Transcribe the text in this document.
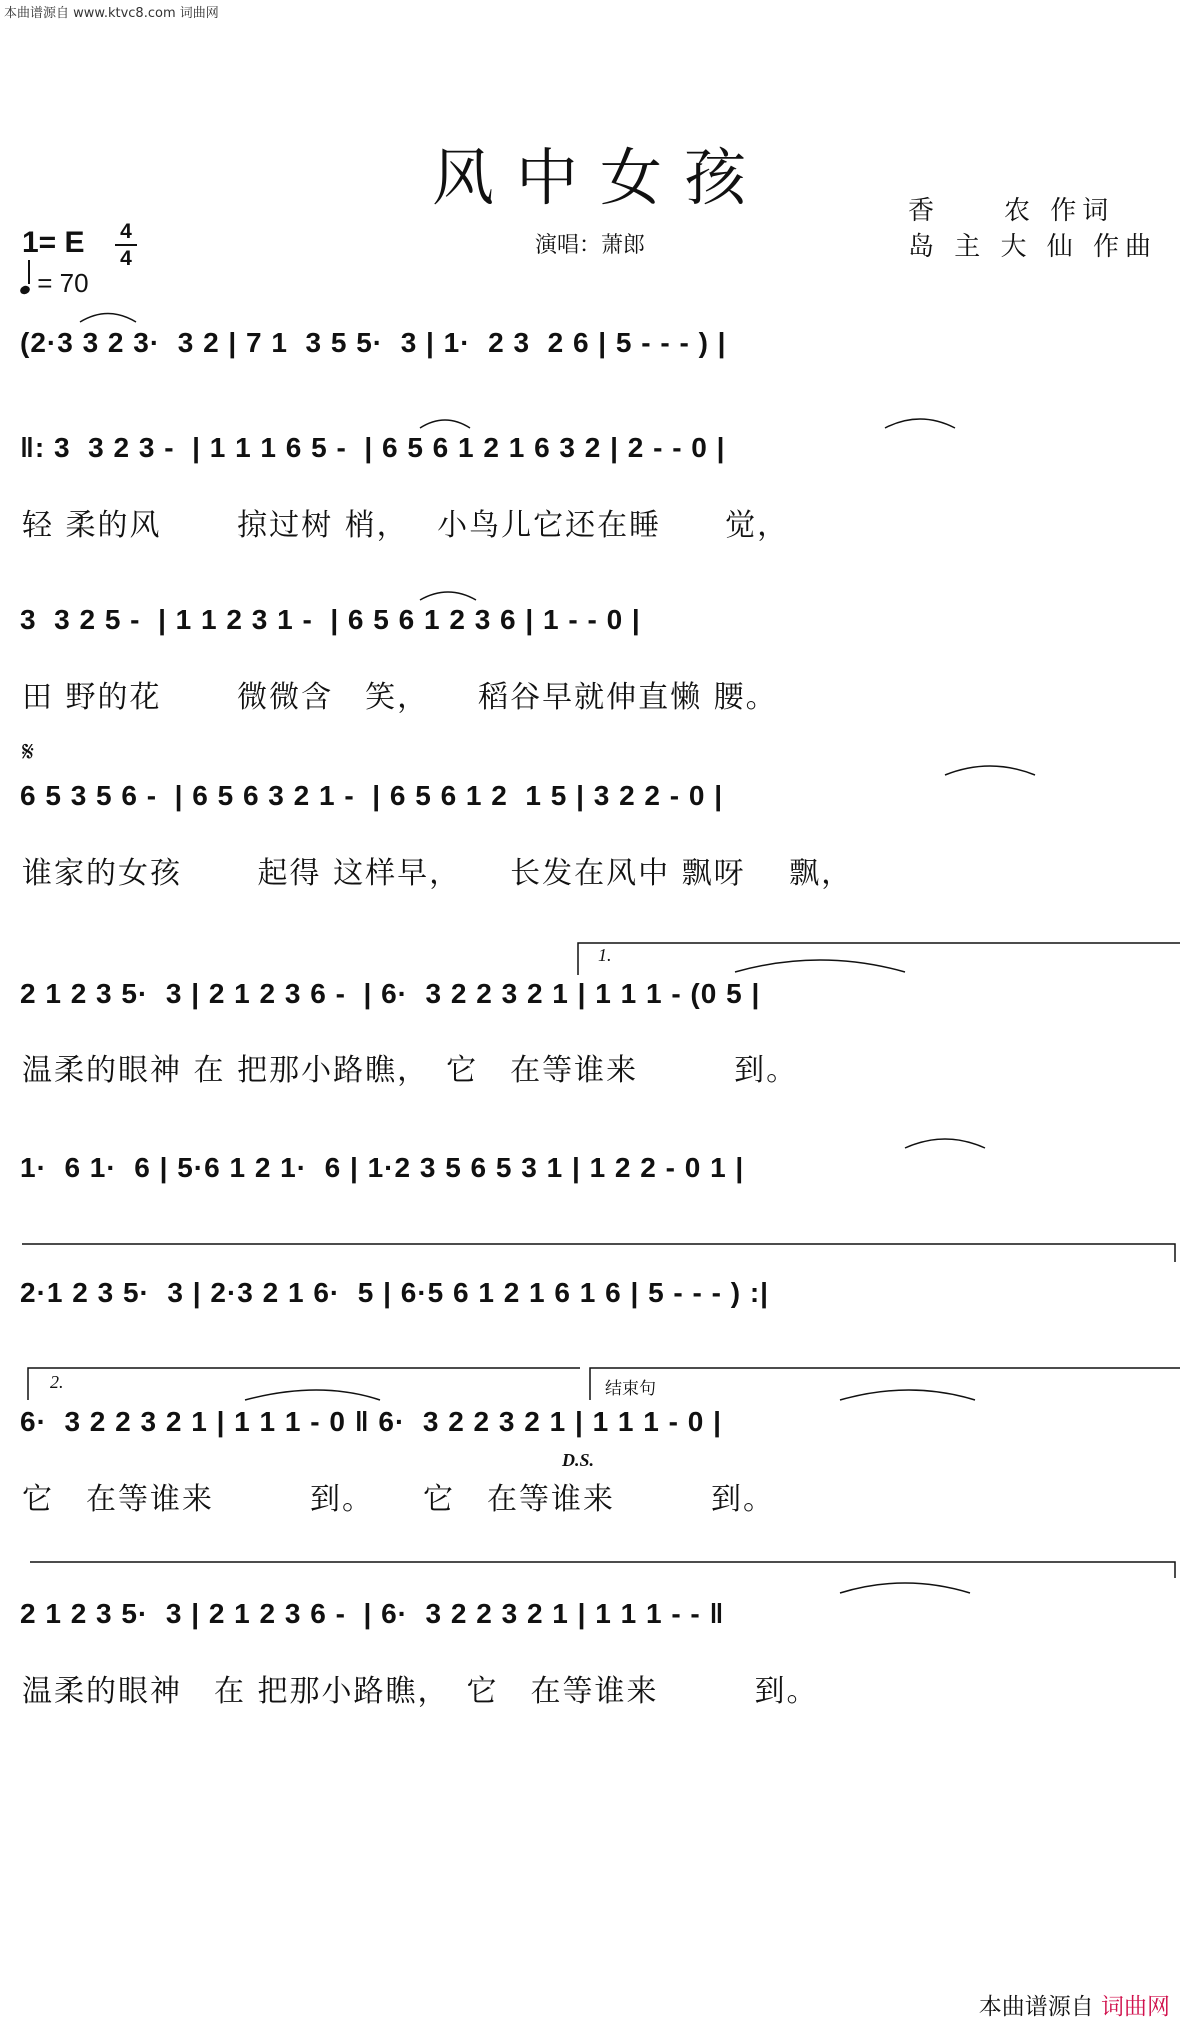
本曲谱源自 www.ktvc8.com 词曲网
风中女孩	香　　农 作词
岛 主 大 仙 作曲
1= E 4
4
= 70
演唱：萧郎
(2·3 3 2 3·  3 2 | 7 1  3 5 5·  3 | 1·  2 3  2 6 | 5 - - - ) |
‖: 3  3 2 3 -  | 1 1 1 6 5 -  | 6 5 6 1 2 1 6 3 2 | 2 - - 0 |
轻 柔的风　　 掠过树 梢，　 小鸟儿它还在睡　　觉，
3  3 2 5 -  | 1 1 2 3 1 -  | 6 5 6 1 2 3 6 | 1 - - 0 |
田 野的花　　 微微含　笑，　　稻谷早就伸直懒 腰。
𝄋
6 5 3 5 6 -  | 6 5 6 3 2 1 -  | 6 5 6 1 2  1 5 | 3 2 2 - 0 |
谁家的女孩　　 起得 这样早，　　长发在风中 飘呀　 飘，
1.
2 1 2 3 5·  3 | 2 1 2 3 6 -  | 6·  3 2 2 3 2 1 | 1 1 1 - (0 5 |
温柔的眼神 在 把那小路瞧，　它　在等谁来　　　到。
1·  6 1·  6 | 5·6 1 2 1·  6 | 1·2 3 5 6 5 3 1 | 1 2 2 - 0 1 |
2·1 2 3 5·  3 | 2·3 2 1 6·  5 | 6·5 6 1 2 1 6 1 6 | 5 - - - ) :|
2.	结束句
6·  3 2 2 3 2 1 | 1 1 1 - 0 ‖ 6·  3 2 2 3 2 1 | 1 1 1 - 0 |
D.S.
它　在等谁来　　　到。　　它　在等谁来　　　到。
2 1 2 3 5·  3 | 2 1 2 3 6 -  | 6·  3 2 2 3 2 1 | 1 1 1 - - ‖
温柔的眼神　在 把那小路瞧，　它　在等谁来　　　到。
本曲谱源自 词曲网
